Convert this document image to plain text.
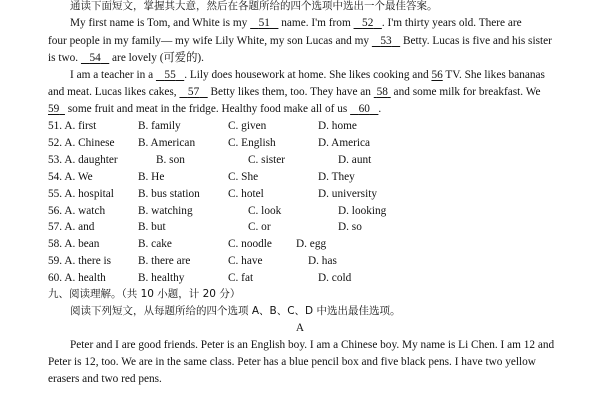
通读下面短文，掌握其大意，然后在各题所给的四个选项中选出一个最佳答案。
My first name is Tom, and White is my    51    name. I'm from    52 . I'm thirty years old. There are
four people in my family— my wife Lily White, my son Lucas and my    53    Betty. Lucas is five and his sister
is two.    54    are lovely (可爱的).
I am a teacher in a    55 . Lily does housework at home. She likes cooking and 56 TV. She likes bananas
and meat. Lucas likes cakes,    57    Betty likes them, too. They have an  58  and some milk for breakfast. We
59   some fruit and meat in the fridge. Healthy food make all of us    60 .
51. A. first	B. family	C. given	D. home
52. A. Chinese B. American	C. English	D. America
53. A. daughter	B. son	C. sister	D. aunt
54. A. We	B. He	C. She	D. They
55. A. hospital B. bus station C. hotel	D. university
56. A. watch	B. watching	C. look	D. looking
57. A. and	B. but	C. or	D. so
58. A. bean	B. cake	C. noodle D. egg
59. A. there is B. there are	C. have	D. has
60. A. health	B. healthy	C. fat	D. cold
九、阅读理解。（共 10 小题，计 20 分）
阅读下列短文，从每题所给的四个选项 A、B、C、D 中选出最佳选项。
A
Peter and I are good friends. Peter is an English boy. I am a Chinese boy. My name is Li Chen. I am 12 and
Peter is 12, too. We are in the same class. Peter has a blue pencil box and five black pens. I have two yellow
erasers and two red pens.
